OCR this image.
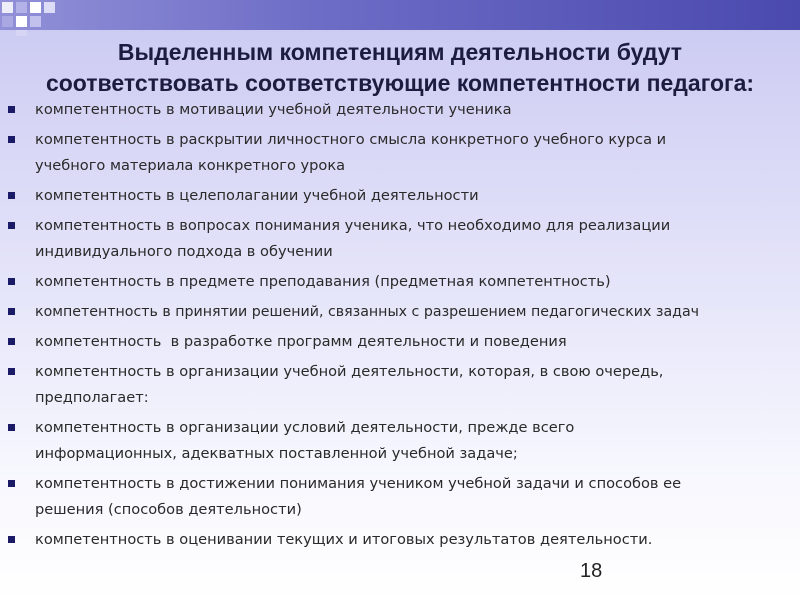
Выделенным компетенциям деятельности будут
соответствовать соответствующие компетентности педагога:
компетентность в мотивации учебной деятельности ученика
компетентность в раскрытии личностного смысла конкретного учебного курса и
учебного материала конкретного урока
компетентность в целеполагании учебной деятельности
компетентность в вопросах понимания ученика, что необходимо для реализации
индивидуального подхода в обучении
компетентность в предмете преподавания (предметная компетентность)
компетентность в принятии решений, связанных с разрешением педагогических задач
компетентность  в разработке программ деятельности и поведения
компетентность в организации учебной деятельности, которая, в свою очередь,
предполагает:
компетентность в организации условий деятельности, прежде всего
информационных, адекватных поставленной учебной задаче;
компетентность в достижении понимания учеником учебной задачи и способов ее
решения (способов деятельности)
компетентность в оценивании текущих и итоговых результатов деятельности.
18
